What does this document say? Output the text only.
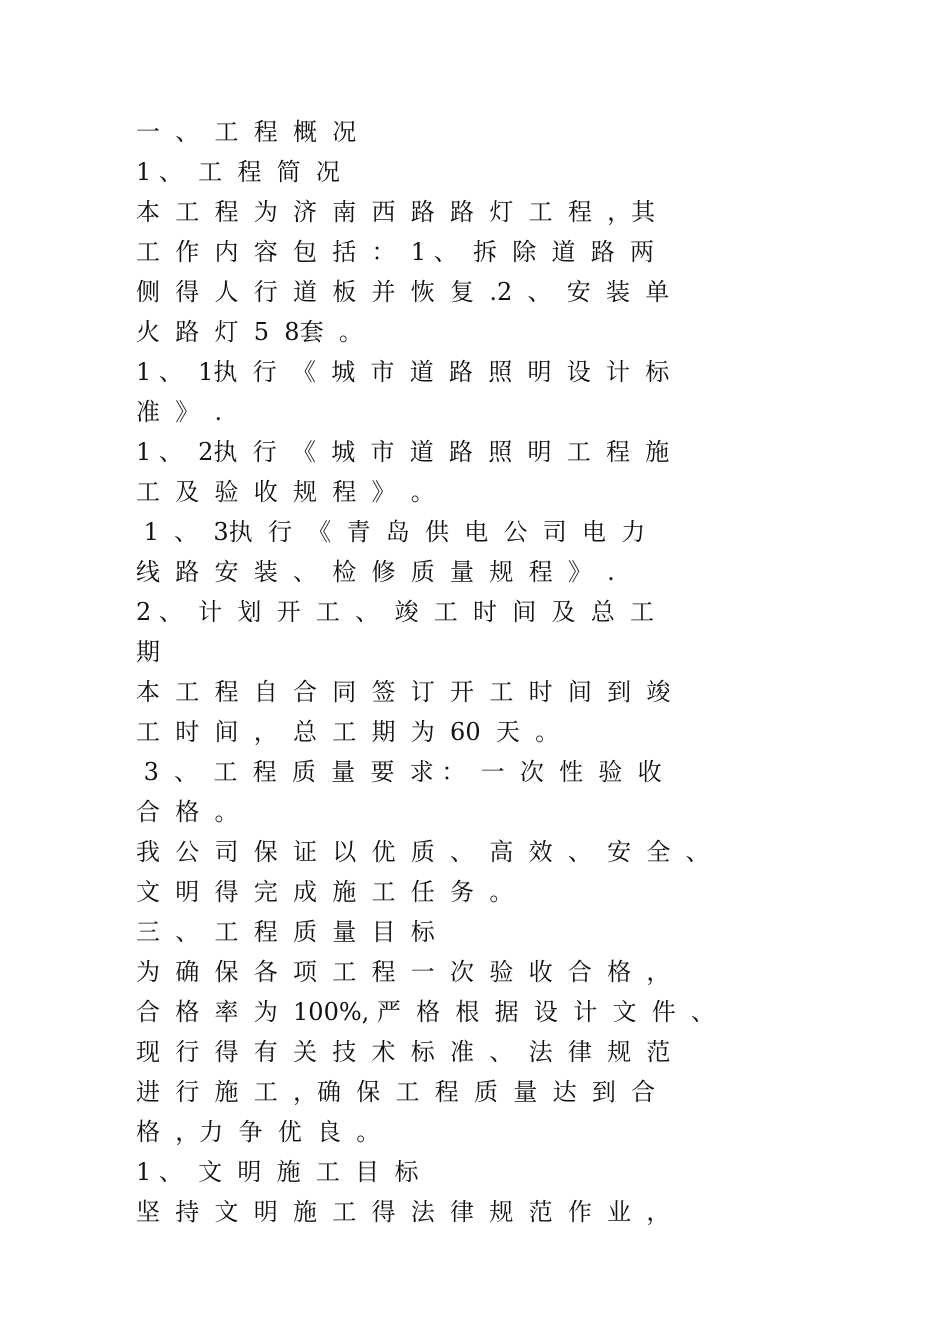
一  、  工  程  概  况
1 、  工  程  简  况
本  工  程  为  济  南  西  路  路  灯  工  程  ，其
工  作  内  容  包  括  ：  1 、  拆  除  道  路  两
侧  得  人  行  道  板  并  恢  复  .2  、  安  装  单
火  路  灯  5  8套  。
1 、  1执  行  《  城  市  道  路  照  明  设  计  标
准  》  .
1 、  2执  行  《  城  市  道  路  照  明  工  程  施
工  及  验  收  规  程  》  。
1  、  3执  行  《  青  岛  供  电  公  司  电  力
线  路  安  装  、  检  修  质  量  规  程  》  .
2 、  计  划  开  工  、  竣  工  时  间  及  总  工
期
本  工  程  自  合  同  签  订  开  工  时  间  到  竣
工  时  间  ，  总  工  期  为  60  天  。
3  、  工  程  质  量  要  求 ：  一  次  性  验  收
合  格  。
我  公  司  保  证  以  优  质  、  高  效  、  安  全  、
文  明  得  完  成  施  工  任  务  。
三  、  工  程  质  量  目  标
为  确  保  各  项  工  程  一  次  验  收  合  格  ，
合  格  率  为  100%, 严  格  根  据  设  计  文  件  、
现  行  得  有  关  技  术  标  准  、  法  律  规  范
进  行  施  工  ，确  保  工  程  质  量  达  到  合
格  ，力  争  优  良  。
1 、  文  明  施  工  目  标
坚  持  文  明  施  工  得  法  律  规  范  作  业  ，
